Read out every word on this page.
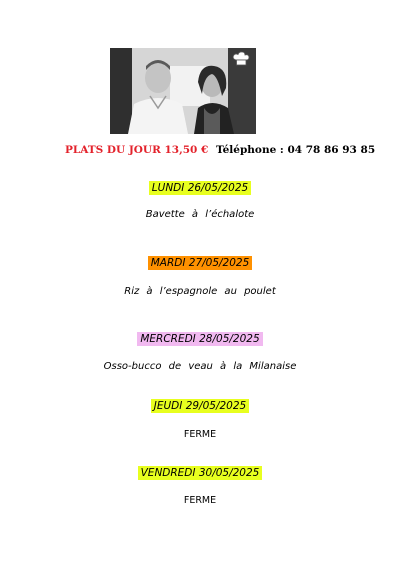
PLATS DU JOUR 13,50 € Téléphone : 04 78 86 93 85
LUNDI 26/05/2025
Bavette à l’échalote
MARDI 27/05/2025
Riz à l’espagnole au poulet
MERCREDI 28/05/2025
Osso-bucco de veau à la Milanaise
JEUDI 29/05/2025
FERME
VENDREDI 30/05/2025
FERME
